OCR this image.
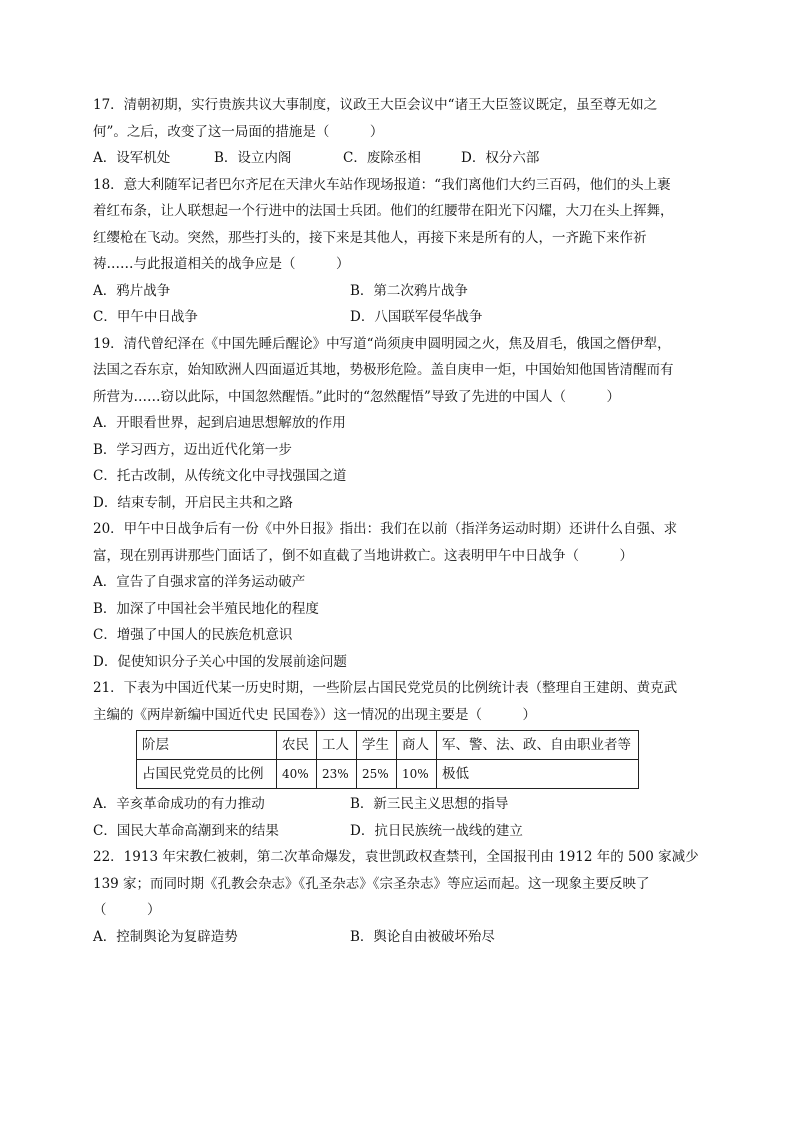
17．清朝初期，实行贵族共议大事制度，议政王大臣会议中“诸王大臣签议既定，虽至尊无如之

何”。之后，改变了这一局面的措施是（　　　）

A．设军机处	B．设立内阁	C．废除丞相	D．权分六部

18．意大利随军记者巴尔齐尼在天津火车站作现场报道：“我们离他们大约三百码，他们的头上裹

着红布条，让人联想起一个行进中的法国士兵团。他们的红腰带在阳光下闪耀，大刀在头上挥舞，

红缨枪在飞动。突然，那些打头的，接下来是其他人，再接下来是所有的人，一齐跪下来作祈

祷……与此报道相关的战争应是（　　　）

A．鸦片战争	B．第二次鸦片战争
C．甲午中日战争	D．八国联军侵华战争

19．清代曾纪泽在《中国先睡后醒论》中写道“尚须庚申圆明园之火，焦及眉毛，俄国之僭伊犁，

法国之吞东京，始知欧洲人四面逼近其地，势极形危险。盖自庚申一炬，中国始知他国皆清醒而有

所营为……窃以此际，中国忽然醒悟。”此时的“忽然醒悟”导致了先进的中国人（　　　）

A．开眼看世界，起到启迪思想解放的作用

B．学习西方，迈出近代化第一步

C．托古改制，从传统文化中寻找强国之道

D．结束专制，开启民主共和之路

20．甲午中日战争后有一份《中外日报》指出：我们在以前（指洋务运动时期）还讲什么自强、求

富，现在别再讲那些门面话了，倒不如直截了当地讲救亡。这表明甲午中日战争（　　　）

A．宣告了自强求富的洋务运动破产

B．加深了中国社会半殖民地化的程度

C．增强了中国人的民族危机意识

D．促使知识分子关心中国的发展前途问题

21．下表为中国近代某一历史时期，一些阶层占国民党党员的比例统计表（整理自王建朗、黄克武

主编的《两岸新编中国近代史 民国卷》）这一情况的出现主要是（　　　）

阶层	农民	工人	学生	商人	军、警、法、政、自由职业者等
占国民党党员的比例	40%	23%	25%	10%	极低
A．辛亥革命成功的有力推动	B．新三民主义思想的指导
C．国民大革命高潮到来的结果	D．抗日民族统一战线的建立

22．1913 年宋教仁被刺，第二次革命爆发，袁世凯政权查禁刊，全国报刊由 1912 年的 500 家减少

139 家；而同时期《孔教会杂志》《孔圣杂志》《宗圣杂志》等应运而起。这一现象主要反映了

（　　　）

A．控制舆论为复辟造势	B．舆论自由被破坏殆尽
